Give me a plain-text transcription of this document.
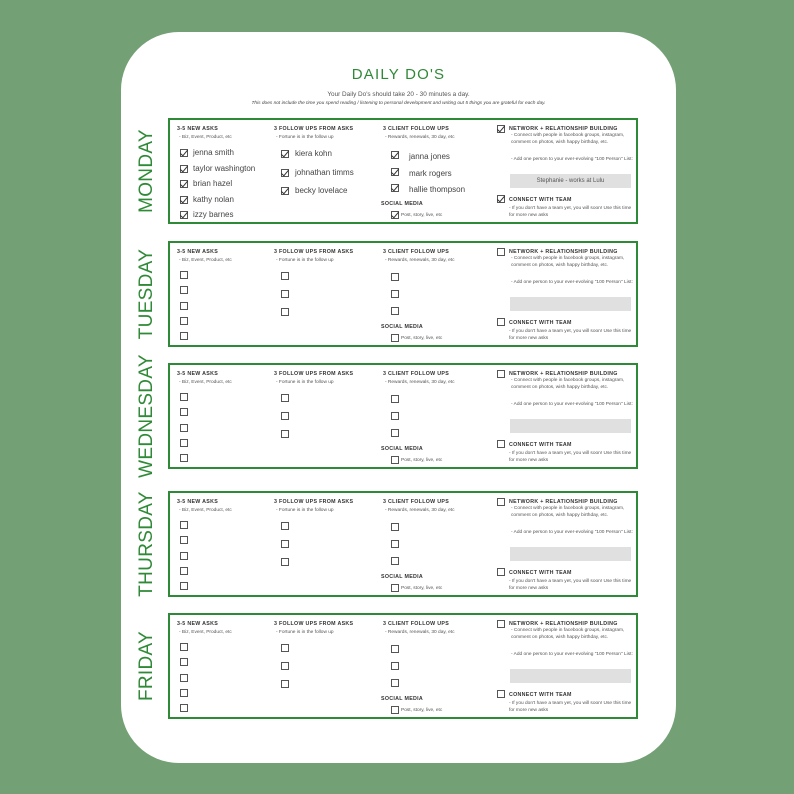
DAILY DO'S
Your Daily Do's should take 20 - 30 minutes a day.
This does not include the time you spend reading / listening to personal development and writing out 5 things you are grateful for each day.
MONDAY
3-5 NEW ASKS
- Biz, Event, Product, etc
jenna smith
taylor washington
brian hazel
kathy nolan
izzy barnes
3 FOLLOW UPS FROM ASKS
- Fortune is in the follow up
kiera kohn
johnathan timms
becky lovelace
3 CLIENT FOLLOW UPS
- Rewards, renewals, 30 day, etc
janna jones
mark rogers
hallie thompson
SOCIAL MEDIA
Post, story, live, etc
NETWORK + RELATIONSHIP BUILDING
- Connect with people in facebook groups, instagram, comment on photos, wish happy birthday, etc.
- Add one person to your ever-evolving "100 Person" List:
Stephanie - works at Lulu
CONNECT WITH TEAM
- If you don't have a team yet, you will soon! Use this time for more new asks
TUESDAY	3-5 NEW ASKS
- Biz, Event, Product, etc
3 FOLLOW UPS FROM ASKS
- Fortune is in the follow up
3 CLIENT FOLLOW UPS
- Rewards, renewals, 30 day, etc
SOCIAL MEDIA
Post, story, live, etc
NETWORK + RELATIONSHIP BUILDING
- Connect with people in facebook groups, instagram, comment on photos, wish happy birthday, etc.
- Add one person to your ever-evolving "100 Person" List:
CONNECT WITH TEAM
- If you don't have a team yet, you will soon! Use this time for more new asks
WEDNESDAY	3-5 NEW ASKS
- Biz, Event, Product, etc
3 FOLLOW UPS FROM ASKS
- Fortune is in the follow up
3 CLIENT FOLLOW UPS
- Rewards, renewals, 30 day, etc
SOCIAL MEDIA
Post, story, live, etc
NETWORK + RELATIONSHIP BUILDING
- Connect with people in facebook groups, instagram, comment on photos, wish happy birthday, etc.
- Add one person to your ever-evolving "100 Person" List:
CONNECT WITH TEAM
- If you don't have a team yet, you will soon! Use this time for more new asks
THURSDAY	3-5 NEW ASKS
- Biz, Event, Product, etc
3 FOLLOW UPS FROM ASKS
- Fortune is in the follow up
3 CLIENT FOLLOW UPS
- Rewards, renewals, 30 day, etc
SOCIAL MEDIA
Post, story, live, etc
NETWORK + RELATIONSHIP BUILDING
- Connect with people in facebook groups, instagram, comment on photos, wish happy birthday, etc.
- Add one person to your ever-evolving "100 Person" List:
CONNECT WITH TEAM
- If you don't have a team yet, you will soon! Use this time for more new asks
FRIDAY
3-5 NEW ASKS
- Biz, Event, Product, etc
3 FOLLOW UPS FROM ASKS
- Fortune is in the follow up
3 CLIENT FOLLOW UPS
- Rewards, renewals, 30 day, etc
SOCIAL MEDIA
Post, story, live, etc
NETWORK + RELATIONSHIP BUILDING
- Connect with people in facebook groups, instagram, comment on photos, wish happy birthday, etc.
- Add one person to your ever-evolving "100 Person" List:
CONNECT WITH TEAM
- If you don't have a team yet, you will soon! Use this time for more new asks
